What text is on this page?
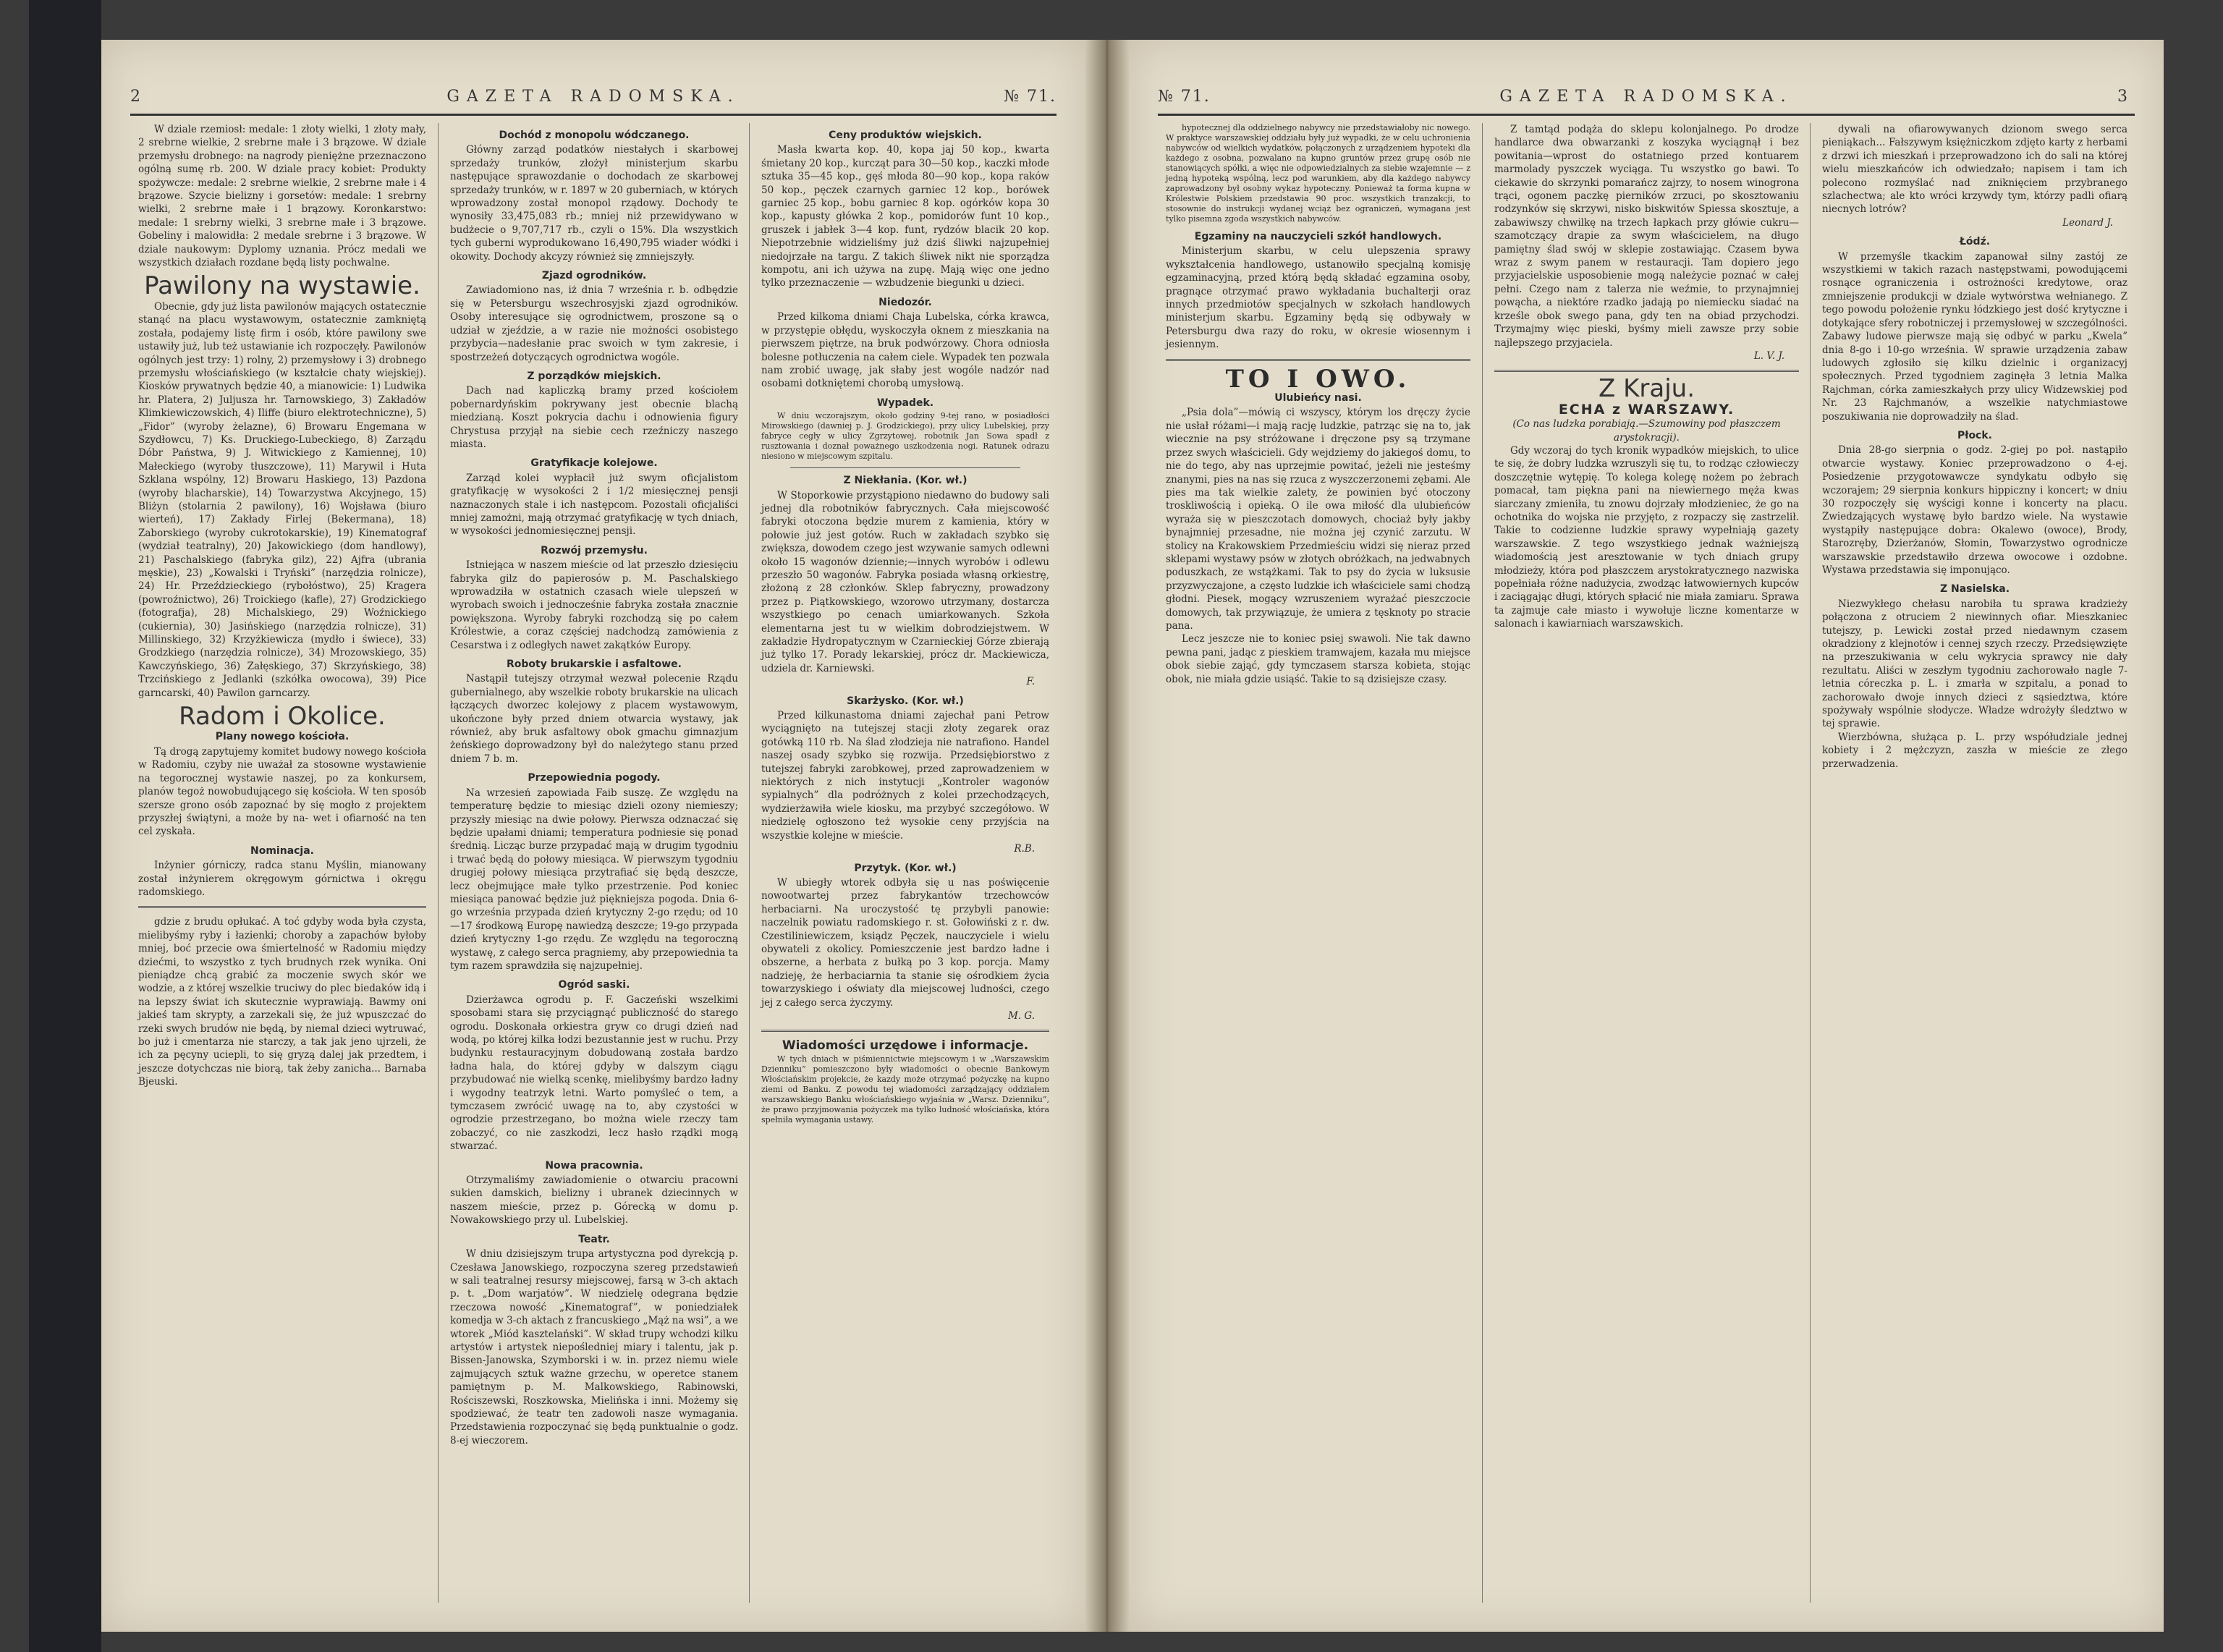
2	GAZETA RADOMSKA.	№ 71.

W dziale rzemiosł: medale: 1 złoty wielki, 1 złoty mały, 2 srebrne wielkie, 2 srebrne małe i 3 brązowe. W dziale przemysłu drobnego: na nagrody pieniężne przeznaczono ogólną sumę rb. 200. W dziale pracy kobiet: Produkty spożywcze: medale: 2 srebrne wielkie, 2 srebrne małe i 4 brązowe. Szycie bielizny i gorsetów: medale: 1 srebrny wielki, 2 srebrne małe i 1 brązowy. Koronkarstwo: medale: 1 srebrny wielki, 3 srebrne małe i 3 brązowe. Gobeliny i malowidła: 2 medale srebrne i 3 brązowe. W dziale naukowym: Dyplomy uznania. Prócz medali we wszystkich działach rozdane będą listy pochwalne.

Pawilony na wystawie.

Obecnie, gdy już lista pawilonów mających ostatecznie stanąć na placu wystawowym, ostatecznie zamkniętą została, podajemy listę firm i osób, które pawilony swe ustawiły już, lub też ustawianie ich rozpoczęły. Pawilonów ogólnych jest trzy: 1) rolny, 2) przemysłowy i 3) drobnego przemysłu włościańskiego (w kształcie chaty wiejskiej). Kiosków prywatnych będzie 40, a mianowicie: 1) Ludwika hr. Platera, 2) Juljusza hr. Tarnowskiego, 3) Zakładów Klimkiewiczowskich, 4) Iliffe (biuro elektrotechniczne), 5) „Fidor” (wyroby żelazne), 6) Browaru Engemana w Szydłowcu, 7) Ks. Druckiego-Lubeckiego, 8) Zarządu Dóbr Państwa, 9) J. Witwickiego z Kamiennej, 10) Małeckiego (wyroby tłuszczowe), 11) Marywil i Huta Szklana wspólny, 12) Browaru Haskiego, 13) Pazdona (wyroby blacharskie), 14) Towarzystwa Akcyjnego, 15) Bliżyn (stolarnia 2 pawilony), 16) Wojsława (biuro wierteń), 17) Zakłady Firlej (Bekermana), 18) Zaborskiego (wyroby cukrotokarskie), 19) Kinematograf (wydział teatralny), 20) Jakowickiego (dom handlowy), 21) Paschalskiego (fabryka gilz), 22) Ajfra (ubrania męskie), 23) „Kowalski i Tryński” (narzędzia rolnicze), 24) Hr. Przeździeckiego (rybołóstwo), 25) Kragera (powroźnictwo), 26) Troickiego (kafle), 27) Grodzickiego (fotografja), 28) Michalskiego, 29) Woźnickiego (cukiernia), 30) Jasińskiego (narzędzia rolnicze), 31) Millinskiego, 32) Krzyżkiewicza (mydło i świece), 33) Grodzkiego (narzędzia rolnicze), 34) Mrozowskiego, 35) Kawczyńskiego, 36) Załęskiego, 37) Skrzyńskiego, 38) Trzcińskiego z Jedlanki (szkółka owocowa), 39) Pice garncarski, 40) Pawilon garncarzy.

Radom i Okolice.
Plany nowego kościoła.

Tą drogą zapytujemy komitet budowy nowego kościoła w Radomiu, czyby nie uważał za stosowne wystawienie na tegorocznej wystawie naszej, po za konkursem, planów tegoż nowobudującego się kościoła. W ten sposób szersze grono osób zapoznać by się mogło z projektem przyszłej świątyni, a może by na- wet i ofiarność na ten cel zyskała.

Nominacja.

Inżynier górniczy, radca stanu Myślin, mianowany został inżynierem okręgowym górnictwa i okręgu radomskiego.

gdzie z brudu opłukać. A toć gdyby woda była czysta, mielibyśmy ryby i łazienki; choroby a zapachów byłoby mniej, boć przecie owa śmiertelność w Radomiu między dziećmi, to wszystko z tych brudnych rzek wynika. Oni pieniądze chcą grabić za moczenie swych skór we wodzie, a z której wszelkie truciwy do plec biedaków idą i na lepszy świat ich skutecznie wyprawiają. Bawmy oni jakieś tam skrypty, a zarzekali się, że już wpuszczać do rzeki swych brudów nie będą, by niemal dzieci wytruwać, bo już i cmentarza nie starczy, a tak jak jeno ujrzeli, że ich za pęcyny uciepli, to się gryzą dalej jak przedtem, i jeszcze dotychczas nie biorą, tak żeby zanicha... Barnaba Bjeuski.

Dochód z monopolu wódczanego.

Główny zarząd podatków niestałych i skarbowej sprzedaży trunków, złożył ministerjum skarbu następujące sprawozdanie o dochodach ze skarbowej sprzedaży trunków, w r. 1897 w 20 guberniach, w których wprowadzony został monopol rządowy. Dochody te wynosiły 33,475,083 rb.; mniej niż przewidywano w budżecie o 9,707,717 rb., czyli o 15%. Dla wszystkich tych guberni wyprodukowano 16,490,795 wiader wódki i okowity. Dochody akcyzy również się zmniejszyły.

Zjazd ogrodników.

Zawiadomiono nas, iż dnia 7 września r. b. odbędzie się w Petersburgu wszechrosyjski zjazd ogrodników. Osoby interesujące się ogrodnictwem, proszone są o udział w zjeździe, a w razie nie możności osobistego przybycia—nadesłanie prac swoich w tym zakresie, i spostrzeżeń dotyczących ogrodnictwa wogóle.

Z porządków miejskich.

Dach nad kapliczką bramy przed kościołem pobernardyńskim pokrywany jest obecnie blachą miedzianą. Koszt pokrycia dachu i odnowienia figury Chrystusa przyjął na siebie cech rzeźniczy naszego miasta.

Gratyfikacje kolejowe.

Zarząd kolei wypłacił już swym oficjalistom gratyfikację w wysokości 2 i 1/2 miesięcznej pensji naznaczonych stale i ich następcom. Pozostali oficjaliści mniej zamożni, mają otrzymać gratyfikację w tych dniach, w wysokości jednomiesięcznej pensji.

Rozwój przemysłu.

Istniejąca w naszem mieście od lat przeszło dziesięciu fabryka gilz do papierosów p. M. Paschalskiego wprowadziła w ostatnich czasach wiele ulepszeń w wyrobach swoich i jednocześnie fabryka została znacznie powiększona. Wyroby fabryki rozchodzą się po całem Królestwie, a coraz częściej nadchodzą zamówienia z Cesarstwa i z odległych nawet zakątków Europy.

Roboty brukarskie i asfaltowe.

Nastąpił tutejszy otrzymał wezwał polecenie Rządu gubernialnego, aby wszelkie roboty brukarskie na ulicach łączących dworzec kolejowy z placem wystawowym, ukończone były przed dniem otwarcia wystawy, jak również, aby bruk asfaltowy obok gmachu gimnazjum żeńskiego doprowadzony był do należytego stanu przed dniem 7 b. m.

Przepowiednia pogody.

Na wrzesień zapowiada Faib suszę. Ze względu na temperaturę będzie to miesiąc dzieli ozony niemieszy; przyszły miesiąc na dwie połowy. Pierwsza odznaczać się będzie upałami dniami; temperatura podniesie się ponad średnią. Licząc burze przypadać mają w drugim tygodniu i trwać będą do połowy miesiąca. W pierwszym tygodniu drugiej połowy miesiąca przytrafiać się będą deszcze, lecz obejmujące małe tylko przestrzenie. Pod koniec miesiąca panować będzie już piękniejsza pogoda. Dnia 6-go września przypada dzień krytyczny 2-go rzędu; od 10—17 środkową Europę nawiedzą deszcze; 19-go przypada dzień krytyczny 1-go rzędu. Ze względu na tegoroczną wystawę, z całego serca pragniemy, aby przepowiednia ta tym razem sprawdziła się najzupełniej.

Ogród saski.

Dzierżawca ogrodu p. F. Gaczeński wszelkimi sposobami stara się przyciągnąć publiczność do starego ogrodu. Doskonała orkiestra gryw co drugi dzień nad wodą, po której kilka łodzi bezustannie jest w ruchu. Przy budynku restauracyjnym dobudowaną została bardzo ładna hala, do której gdyby w dalszym ciągu przybudować nie wielką scenkę, mielibyśmy bardzo ładny i wygodny teatrzyk letni. Warto pomyśleć o tem, a tymczasem zwrócić uwagę na to, aby czystości w ogrodzie przestrzegano, bo można wiele rzeczy tam zobaczyć, co nie zaszkodzi, lecz hasło rządki mogą stwarzać.

Nowa pracownia.

Otrzymaliśmy zawiadomienie o otwarciu pracowni sukien damskich, bielizny i ubranek dziecinnych w naszem mieście, przez p. Górecką w domu p. Nowakowskiego przy ul. Lubelskiej.

Teatr.

W dniu dzisiejszym trupa artystyczna pod dyrekcją p. Czesława Janowskiego, rozpoczyna szereg przedstawień w sali teatralnej resursy miejscowej, farsą w 3-ch aktach p. t. „Dom warjatów”. W niedzielę odegrana będzie rzeczowa nowość „Kinematograf”, w poniedziałek komedja w 3-ch aktach z francuskiego „Mąż na wsi”, a we wtorek „Miód kasztelański”. W skład trupy wchodzi kilku artystów i artystek niepośledniej miary i talentu, jak p. Bissen-Janowska, Szymborski i w. in. przez niemu wiele zajmujących sztuk ważne grzechu, w operetce stanem pamiętnym p. M. Malkowskiego, Rabinowski, Rościszewski, Roszkowska, Mielińska i inni. Możemy się spodziewać, że teatr ten zadowoli nasze wymagania. Przedstawienia rozpoczynać się będą punktualnie o godz. 8-ej wieczorem.

Ceny produktów wiejskich.

Masła kwarta kop. 40, kopa jaj 50 kop., kwarta śmietany 20 kop., kurcząt para 30—50 kop., kaczki młode sztuka 35—45 kop., gęś młoda 80—90 kop., kopa raków 50 kop., pęczek czarnych garniec 12 kop., borówek garniec 25 kop., bobu garniec 8 kop. ogórków kopa 30 kop., kapusty główka 2 kop., pomidorów funt 10 kop., gruszek i jabłek 3—4 kop. funt, rydzów blacik 20 kop. Niepotrzebnie widzieliśmy już dziś śliwki najzupełniej niedojrzałe na targu. Z takich śliwek nikt nie sporządza kompotu, ani ich używa na zupę. Mają więc one jedno tylko przeznaczenie — wzbudzenie biegunki u dzieci.

Niedozór.

Przed kilkoma dniami Chaja Lubelska, córka krawca, w przystępie obłędu, wyskoczyła oknem z mieszkania na pierwszem piętrze, na bruk podwórzowy. Chora odniosła bolesne potłuczenia na całem ciele. Wypadek ten pozwala nam zrobić uwagę, jak słaby jest wogóle nadzór nad osobami dotkniętemi chorobą umysłową.

Wypadek.

W dniu wczorajszym, około godziny 9-tej rano, w posiadłości Mirowskiego (dawniej p. J. Grodzickiego), przy ulicy Lubelskiej, przy fabryce cegły w ulicy Zgrzytowej, robotnik Jan Sowa spadł z rusztowania i doznał poważnego uszkodzenia nogi. Ratunek odrazu niesiono w miejscowym szpitalu.

Z Niekłania. (Kor. wł.)

W Stoporkowie przystąpiono niedawno do budowy sali jednej dla robotników fabrycznych. Cała miejscowość fabryki otoczona będzie murem z kamienia, który w połowie już jest gotów. Ruch w zakładach szybko się zwiększa, dowodem czego jest wzywanie samych odlewni około 15 wagonów dziennie;—innych wyrobów i odlewu przeszło 50 wagonów. Fabryka posiada własną orkiestrę, złożoną z 28 członków. Sklep fabryczny, prowadzony przez p. Piątkowskiego, wzorowo utrzymany, dostarcza wszystkiego po cenach umiarkowanych. Szkoła elementarna jest tu w wielkim dobrodziejstwem. W zakładzie Hydropatycznym w Czarnieckiej Górze zbierają już tylko 17. Porady lekarskiej, prócz dr. Mackiewicza, udziela dr. Karniewski.

F.
Skarżysko. (Kor. wł.)

Przed kilkunastoma dniami zajechał pani Petrow wyciągnięto na tutejszej stacji złoty zegarek oraz gotówką 110 rb. Na ślad złodzieja nie natrafiono. Handel naszej osady szybko się rozwija. Przedsiębiorstwo z tutejszej fabryki zarobkowej, przed zaprowadzeniem w niektórych z nich instytucji „Kontroler wagonów sypialnych” dla podróżnych z kolei przechodzących, wydzierżawiła wiele kiosku, ma przybyć szczegółowo. W niedzielę ogłoszono też wysokie ceny przyjścia na wszystkie kolejne w mieście.

R.B.
Przytyk. (Kor. wł.)

W ubiegły wtorek odbyła się u nas poświęcenie nowootwartej przez fabrykantów trzechowców herbaciarni. Na uroczystość tę przybyli panowie: naczelnik powiatu radomskiego r. st. Gołowiński z r. dw. Czestiliniewiczem, ksiądz Pęczek, nauczyciele i wielu obywateli z okolicy. Pomieszczenie jest bardzo ładne i obszerne, a herbata z bułką po 3 kop. porcja. Mamy nadzieję, że herbaciarnia ta stanie się ośrodkiem życia towarzyskiego i oświaty dla miejscowej ludności, czego jej z całego serca życzymy.

M. G.
Wiadomości urzędowe i informacje.

W tych dniach w piśmiennictwie miejscowym i w „Warszawskim Dzienniku” pomieszczono były wiadomości o obecnie Bankowym Włościańskim projekcie, że kazdy może otrzymać pożyczkę na kupno ziemi od Banku. Z powodu tej wiadomości zarządzający oddziałem warszawskiego Banku włościańskiego wyjaśnia w „Warsz. Dzienniku”, że prawo przyjmowania pożyczek ma tylko ludność włościańska, która spełniła wymagania ustawy.

№ 71.	GAZETA RADOMSKA.	3

hypotecznej dla oddzielnego nabywcy nie przedstawiałoby nic nowego. W praktyce warszawskiej oddziału były już wypadki, że w celu uchronienia nabywców od wielkich wydatków, połączonych z urządzeniem hypoteki dla każdego z osobna, pozwalano na kupno gruntów przez grupę osób nie stanowiących spółki, a więc nie odpowiedzialnych za siebie wzajemnie — z jedną hypoteką wspólną, lecz pod warunkiem, aby dla każdego nabywcy zaprowadzony był osobny wykaz hypoteczny. Ponieważ ta forma kupna w Królestwie Polskiem przedstawia 90 proc. wszystkich tranzakcji, to stosownie do instrukcji wydanej wciąż bez ograniczeń, wymagana jest tylko pisemna zgoda wszystkich nabywców.

Egzaminy na nauczycieli szkół handlowych.

Ministerjum skarbu, w celu ulepszenia sprawy wykształcenia handlowego, ustanowiło specjalną komisję egzaminacyjną, przed którą będą składać egzamina osoby, pragnące otrzymać prawo wykładania buchalterji oraz innych przedmiotów specjalnych w szkołach handlowych ministerjum skarbu. Egzaminy będą się odbywały w Petersburgu dwa razy do roku, w okresie wiosennym i jesiennym.

TO I OWO.
Ulubieńcy nasi.

„Psia dola”—mówią ci wszyscy, którym los dręczy życie nie usłał różami—i mają rację ludzkie, patrząc się na to, jak wiecznie na psy stróżowane i dręczone psy są trzymane przez swych właścicieli. Gdy wejdziemy do jakiegoś domu, to nie do tego, aby nas uprzejmie powitać, jeżeli nie jesteśmy znanymi, pies na nas się rzuca z wyszczerzonemi zębami. Ale pies ma tak wielkie zalety, że powinien być otoczony troskliwością i opieką. O ile owa miłość dla ulubieńców wyraża się w pieszczotach domowych, chociaż były jakby bynajmniej przesadne, nie można jej czynić zarzutu. W stolicy na Krakowskiem Przedmieściu widzi się nieraz przed sklepami wystawy psów w złotych obróżkach, na jedwabnych poduszkach, ze wstążkami. Tak to psy do życia w luksusie przyzwyczajone, a często ludzkie ich właściciele sami chodzą głodni. Piesek, mogący wzruszeniem wyrażać pieszczocie domowych, tak przywiązuje, że umiera z tęsknoty po stracie pana.

Lecz jeszcze nie to koniec psiej swawoli. Nie tak dawno pewna pani, jadąc z pieskiem tramwajem, kazała mu miejsce obok siebie zająć, gdy tymczasem starsza kobieta, stojąc obok, nie miała gdzie usiąść. Takie to są dzisiejsze czasy.

Z tamtąd podąża do sklepu kolonjalnego. Po drodze handlarce dwa obwarzanki z koszyka wyciągnął i bez powitania—wprost do ostatniego przed kontuarem marmolady pyszczek wyciąga. Tu wszystko go bawi. To ciekawie do skrzynki pomarańcz zajrzy, to nosem winogrona trąci, ogonem paczkę pierników zrzuci, po skosztowaniu rodzynków się skrzywi, nisko biskwitów Spiessa skosztuje, a zabawiwszy chwilkę na trzech łapkach przy główie cukru—szamotczący drapie za swym właścicielem, na długo pamiętny ślad swój w sklepie zostawiając. Czasem bywa wraz z swym panem w restauracji. Tam dopiero jego przyjacielskie usposobienie mogą należycie poznać w całej pełni. Czego nam z talerza nie weźmie, to przynajmniej powącha, a niektóre rzadko jadają po niemiecku siadać na krześle obok swego pana, gdy ten na obiad przychodzi. Trzymajmy więc pieski, byśmy mieli zawsze przy sobie najlepszego przyjaciela.

L. V. J.
Z Kraju.
ECHA z WARSZAWY.

(Co nas ludzka porabiają.—Szumowiny pod płaszczem arystokracji).

Gdy wczoraj do tych kronik wypadków miejskich, to ulice te się, że dobry ludzka wzruszyli się tu, to rodząc człowieczy doszczętnie wytępię. To kolega kolegę nożem po żebrach pomacał, tam piękna pani na niewiernego męża kwas siarczany zmieniła, tu znowu dojrzały młodzieniec, że go na ochotnika do wojska nie przyjęto, z rozpaczy się zastrzelił. Takie to codzienne ludzkie sprawy wypełniają gazety warszawskie. Z tego wszystkiego jednak ważniejszą wiadomością jest aresztowanie w tych dniach grupy młodzieży, która pod płaszczem arystokratycznego nazwiska popełniała różne nadużycia, zwodząc łatwowiernych kupców i zaciągając długi, których spłacić nie miała zamiaru. Sprawa ta zajmuje całe miasto i wywołuje liczne komentarze w salonach i kawiarniach warszawskich.

dywali na ofiarowywanych dzionom swego serca pieniąkach... Fałszywym księżniczkom zdjęto karty z herbami z drzwi ich mieszkań i przeprowadzono ich do sali na której wielu mieszkańców ich odwiedzało; napisem i tam ich polecono rozmyślać nad zniknięciem przybranego szlachectwa; ale kto wróci krzywdy tym, którzy padli ofiarą niecnych lotrów?

Leonard J.
Łódź.

W przemyśle tkackim zapanował silny zastój ze wszystkiemi w takich razach następstwami, powodującemi rosnące ograniczenia i ostrożności kredytowe, oraz zmniejszenie produkcji w dziale wytwórstwa wełnianego. Z tego powodu położenie rynku łódzkiego jest dość krytyczne i dotykające sfery robotniczej i przemysłowej w szczególności. Zabawy ludowe pierwsze mają się odbyć w parku „Kwela” dnia 8-go i 10-go września. W sprawie urządzenia zabaw ludowych zgłosiło się kilku dzielnic i organizacyj społecznych. Przed tygodniem zaginęła 3 letnia Malka Rajchman, córka zamieszkałych przy ulicy Widzewskiej pod Nr. 23 Rajchmanów, a wszelkie natychmiastowe poszukiwania nie doprowadziły na ślad.

Płock.

Dnia 28-go sierpnia o godz. 2-giej po poł. nastąpiło otwarcie wystawy. Koniec przeprowadzono o 4-ej. Posiedzenie przygotowawcze syndykatu odbyło się wczorajem; 29 sierpnia konkurs hippiczny i koncert; w dniu 30 rozpoczęły się wyścigi konne i koncerty na placu. Zwiedzających wystawę było bardzo wiele. Na wystawie wystąpiły następujące dobra: Okalewo (owoce), Brody, Starozręby, Dzierżanów, Słomin, Towarzystwo ogrodnicze warszawskie przedstawiło drzewa owocowe i ozdobne. Wystawa przedstawia się imponująco.

Z Nasielska.

Niezwykłego chełasu narobiła tu sprawa kradzieży połączona z otruciem 2 niewinnych ofiar. Mieszkaniec tutejszy, p. Lewicki został przed niedawnym czasem okradziony z klejnotów i cennej szych rzeczy. Przedsięwzięte na przeszukiwania w celu wykrycia sprawcy nie dały rezultatu. Aliści w zeszłym tygodniu zachorowało nagle 7-letnia córeczka p. L. i zmarła w szpitalu, a ponad to zachorowało dwoje innych dzieci z sąsiedztwa, które spożywały wspólnie słodycze. Władze wdrożyły śledztwo w tej sprawie.

Wierzbówna, służąca p. L. przy współudziale jednej kobiety i 2 mężczyzn, zaszła w mieście ze złego przerwadzenia.
